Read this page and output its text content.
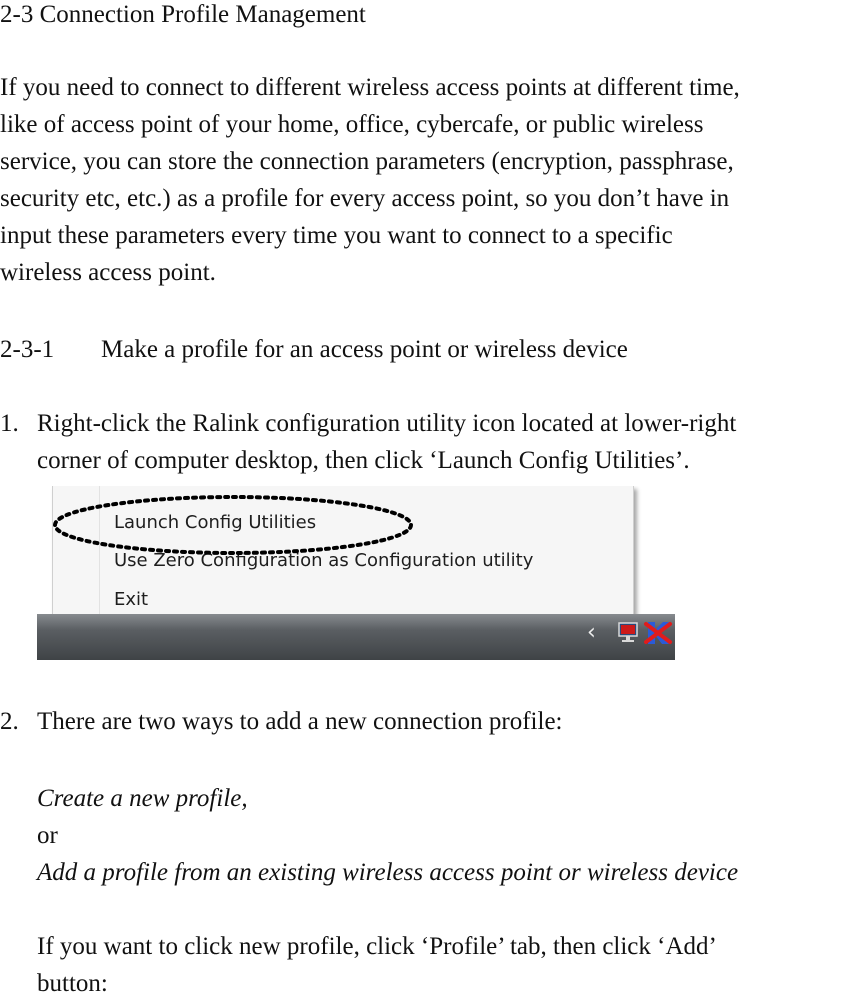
2-3 Connection Profile Management
If you need to connect to different wireless access points at different time,
like of access point of your home, office, cybercafe, or public wireless
service, you can store the connection parameters (encryption, passphrase,
security etc, etc.) as a profile for every access point, so you don’t have in
input these parameters every time you want to connect to a specific
wireless access point.
2-3-1 Make a profile for an access point or wireless device
1. Right-click the Ralink configuration utility icon located at lower-right
corner of computer desktop, then click ‘Launch Config Utilities’.
Launch Config Utilities
Use Zero Configuration as Configuration utility
Exit
‹
2. There are two ways to add a new connection profile:
Create a new profile,
or
Add a profile from an existing wireless access point or wireless device
If you want to click new profile, click ‘Profile’ tab, then click ‘Add’
button:
